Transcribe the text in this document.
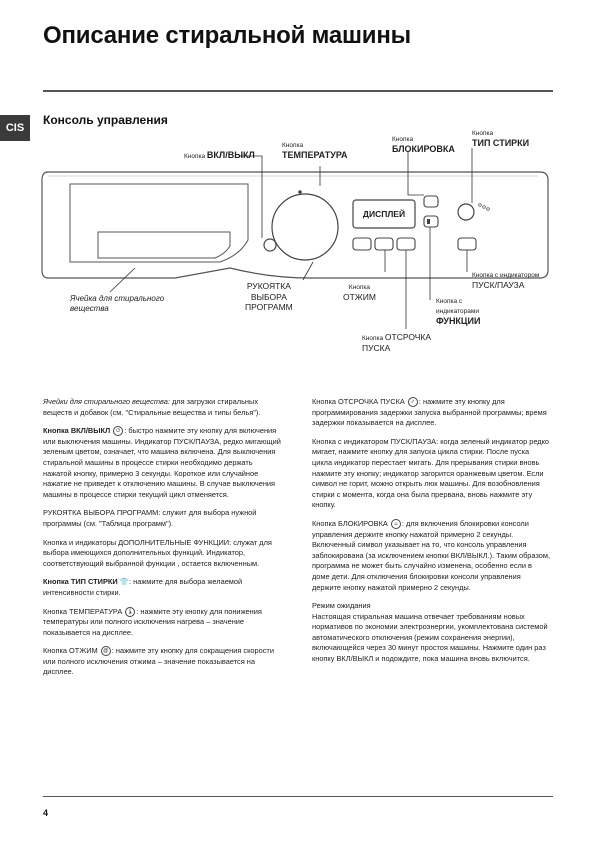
Описание стиральной машины
CIS
Консоль управления
Кнопка ВКЛ/ВЫКЛ
Кнопка
ТЕМПЕРАТУРА
Кнопка
БЛОКИРОВКА
Кнопка
ТИП СТИРКИ
РУКОЯТКА
ВЫБОРА
ПРОГРАММ
Кнопка
ОТЖИМ
Кнопка ОТСРОЧКА
ПУСКА
Кнопка с
индикаторами
ФУНКЦИИ
Кнопка с индикатором
ПУСК/ПАУЗА
Ячейка для стирального
вещества

Ячейки для стирального вещества: для загрузки стиральных веществ и добавок (см. "Стиральные вещества и типы белья").

Кнопка ВКЛ/ВЫКЛ ⏻ : быстро нажмите эту кнопку для включения или выключения машины. Индикатор ПУСК/ПАУЗА, редко мигающий зеленым цветом, означает, что машина включена. Для выключения стиральной машины в процессе стирки необходимо держать нажатой кнопку, примерно 3 секунды. Короткое или случайное нажатие не приведет к отключению машины. В случае выключения машины в процессе стирки текущий цикл отменяется.

РУКОЯТКА ВЫБОРА ПРОГРАММ: служит для выбора нужной программы (см. "Таблица программ").

Кнопка и индикаторы ДОПОЛНИТЕЛЬНЫЕ ФУНКЦИИ: служат для выбора имеющихся дополнительных функций. Индикатор, соответствующий выбранной функции , остается включенным.

Кнопка ТИП СТИРКИ 👕: нажмите для выбора желаемой интенсивности стирки.

Кнопка ТЕМПЕРАТУРА 🌡 : нажмите эту кнопку для понижения температуры или полного исключения нагрева – значение показывается на дисплее.

Кнопка ОТЖИМ @ : нажмите эту кнопку для сокращения скорости или полного исключения отжима – значение показывается на дисплее.

Кнопка ОТСРОЧКА ПУСКА ✓ : нажмите эту кнопку для программирования задержки запуска выбранной программы; время задержки показывается на дисплее.

Кнопка с индикатором ПУСК/ПАУЗА: когда зеленый индикатор редко мигает, нажмите кнопку для запуска цикла стирки. После пуска цикла индикатор перестает мигать. Для прерывания стирки вновь нажмите эту кнопку; индикатор загорится оранжевым цветом. Если символ не горит, можно открыть люк машины. Для возобновления стирки с момента, когда она была прервана, вновь нажмите эту кнопку.

Кнопка БЛОКИРОВКА ☺ : для включения блокировки консоли управления держите кнопку нажатой примерно 2 секунды. Включенный символ указывает на то, что консоль управления заблокирована (за исключением кнопки ВКЛ/ВЫКЛ.). Таким образом, программа не может быть случайно изменена, особенно если в доме дети. Для отключения блокировки консоли управления держите кнопку нажатой примерно 2 секунды.

Режим ожидания
Настоящая стиральная машина отвечает требованиям новых нормативов по экономии электроэнергии, укомплектована системой автоматического отключения (режим сохранения энергии), включающейся через 30 минут простоя машины. Нажмите один раз кнопку ВКЛ/ВЫКЛ и подождите, пока машина вновь включится.

4
ДИСПЛЕЙ
